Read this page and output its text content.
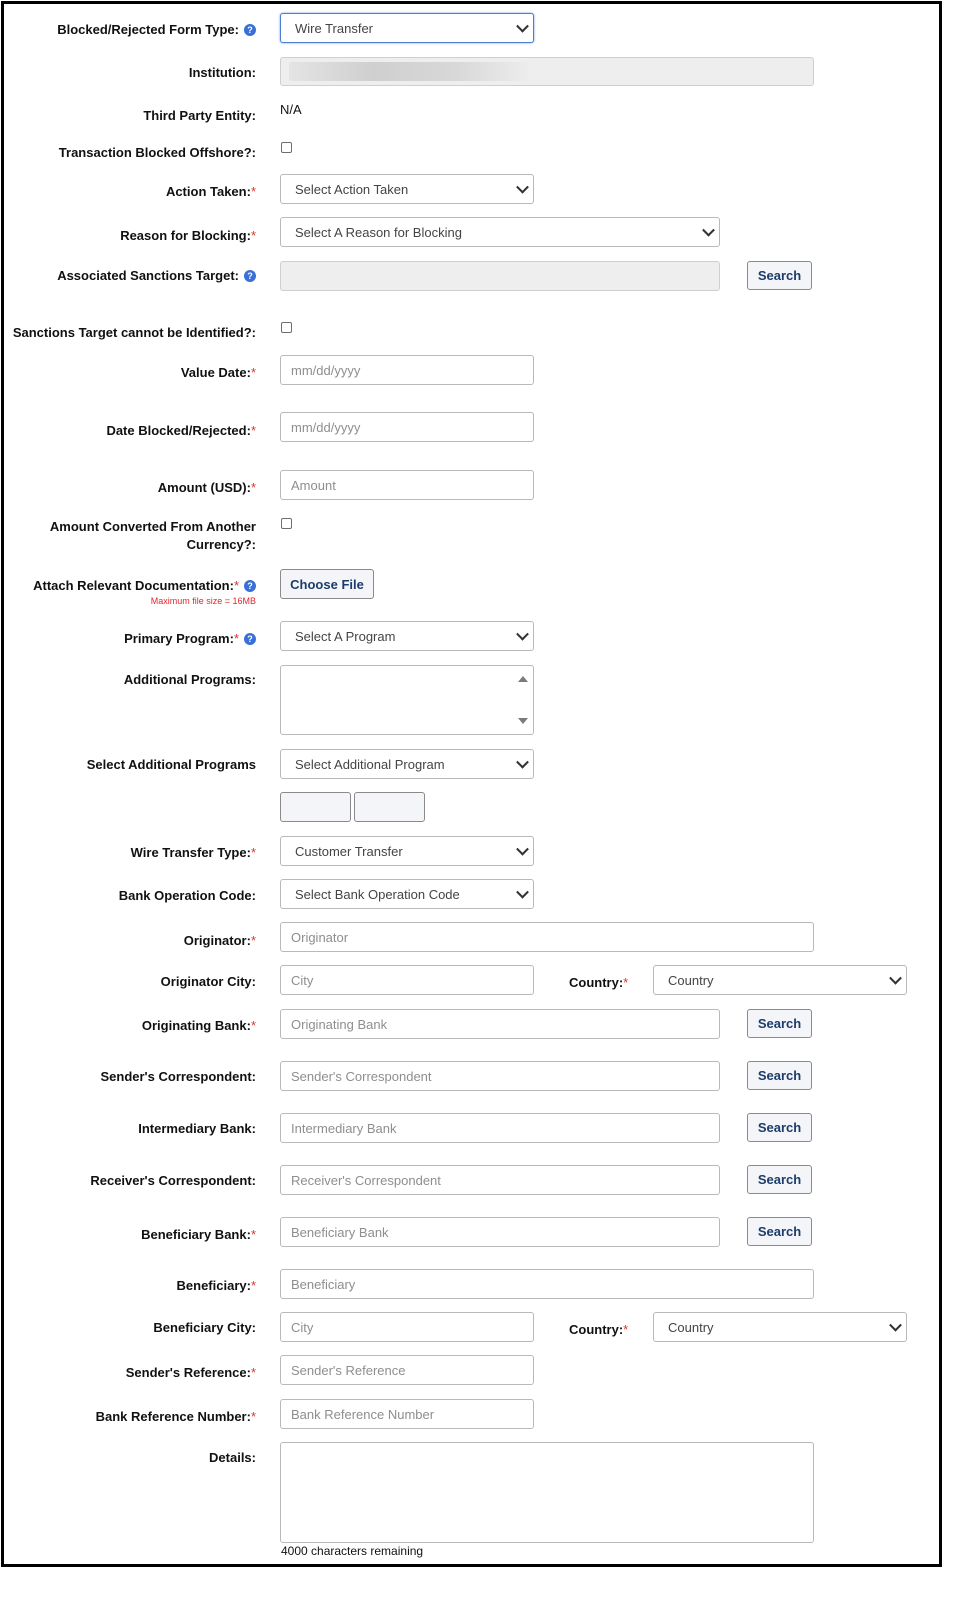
Blocked/Rejected Form Type: ?	Wire Transfer
Institution:
Third Party Entity: N/A
Transaction Blocked Offshore?:
Action Taken:*	Select Action Taken
Reason for Blocking:*	Select A Reason for Blocking
Associated Sanctions Target: ?	Search
Sanctions Target cannot be Identified?:
Value Date:*	mm/dd/yyyy
Date Blocked/Rejected:*	mm/dd/yyyy
Amount (USD):*	Amount
Amount Converted From Another Currency?:
Attach Relevant Documentation:* ?
Maximum file size = 16MB
Choose File
Primary Program:* ?	Select A Program
Additional Programs:
Select Additional Programs	Select Additional Program
Wire Transfer Type:*	Customer Transfer
Bank Operation Code:	Select Bank Operation Code
Originator:*	Originator
Originator City:	City	Country:*	Country
Originating Bank:*	Originating Bank	Search
Sender's Correspondent:	Sender's Correspondent	Search
Intermediary Bank:	Intermediary Bank	Search
Receiver's Correspondent:	Receiver's Correspondent	Search
Beneficiary Bank:*	Beneficiary Bank	Search
Beneficiary:*	Beneficiary
Beneficiary City:	City	Country:*	Country
Sender's Reference:*	Sender's Reference
Bank Reference Number:*	Bank Reference Number
Details:
4000 characters remaining
